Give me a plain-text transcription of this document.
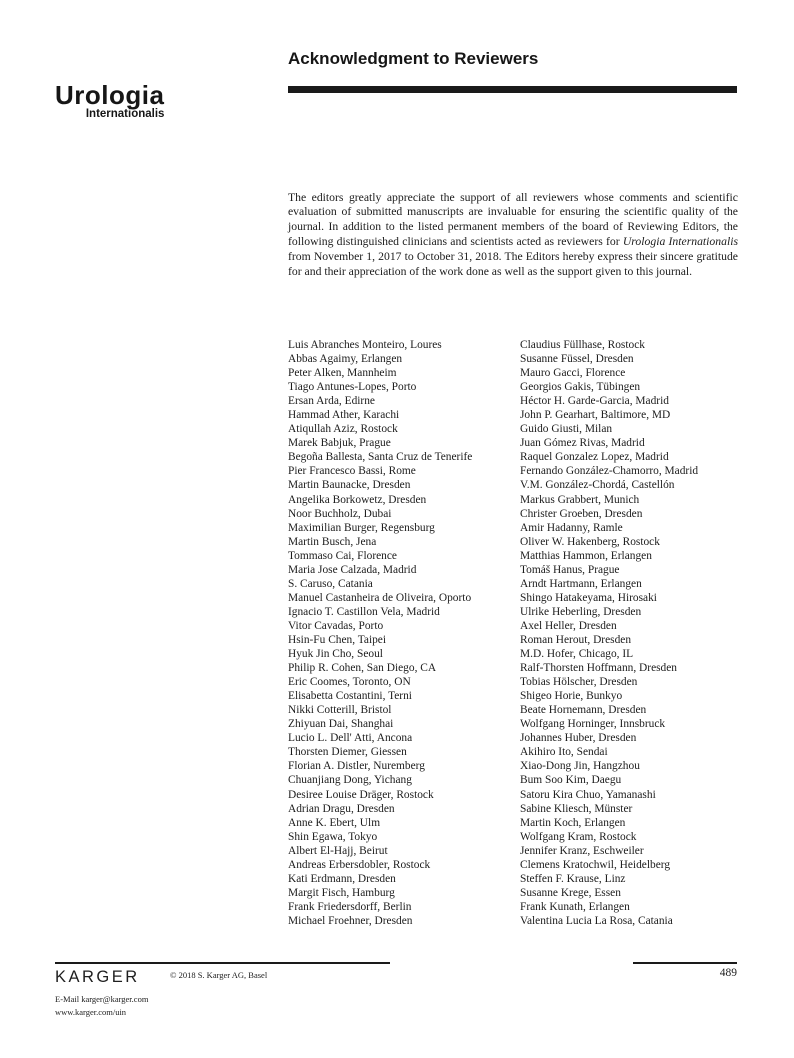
Urologia
Internationalis
Acknowledgment to Reviewers

The editors greatly appreciate the support of all reviewers whose comments and scientific evaluation of submitted manuscripts are invaluable for ensuring the scientific quality of the journal. In addition to the listed permanent members of the board of Reviewing Editors, the following distinguished clinicians and scientists acted as reviewers for Urologia Internationalis from November 1, 2017 to October 31, 2018. The Editors hereby express their sincere gratitude for and their appreciation of the work done as well as the support given to this journal.

Luis Abranches Monteiro, Loures
Abbas Agaimy, Erlangen
Peter Alken, Mannheim
Tiago Antunes-Lopes, Porto
Ersan Arda, Edirne
Hammad Ather, Karachi
Atiqullah Aziz, Rostock
Marek Babjuk, Prague
Begoña Ballesta, Santa Cruz de Tenerife
Pier Francesco Bassi, Rome
Martin Baunacke, Dresden
Angelika Borkowetz, Dresden
Noor Buchholz, Dubai
Maximilian Burger, Regensburg
Martin Busch, Jena
Tommaso Cai, Florence
Maria Jose Calzada, Madrid
S. Caruso, Catania
Manuel Castanheira de Oliveira, Oporto
Ignacio T. Castillon Vela, Madrid
Vitor Cavadas, Porto
Hsin-Fu Chen, Taipei
Hyuk Jin Cho, Seoul
Philip R. Cohen, San Diego, CA
Eric Coomes, Toronto, ON
Elisabetta Costantini, Terni
Nikki Cotterill, Bristol
Zhiyuan Dai, Shanghai
Lucio L. Dell' Atti, Ancona
Thorsten Diemer, Giessen
Florian A. Distler, Nuremberg
Chuanjiang Dong, Yichang
Desiree Louise Dräger, Rostock
Adrian Dragu, Dresden
Anne K. Ebert, Ulm
Shin Egawa, Tokyo
Albert El-Hajj, Beirut
Andreas Erbersdobler, Rostock
Kati Erdmann, Dresden
Margit Fisch, Hamburg
Frank Friedersdorff, Berlin
Michael Froehner, Dresden
Claudius Füllhase, Rostock
Susanne Füssel, Dresden
Mauro Gacci, Florence
Georgios Gakis, Tübingen
Héctor H. Garde-Garcia, Madrid
John P. Gearhart, Baltimore, MD
Guido Giusti, Milan
Juan Gómez Rivas, Madrid
Raquel Gonzalez Lopez, Madrid
Fernando González-Chamorro, Madrid
V.M. González-Chordá, Castellón
Markus Grabbert, Munich
Christer Groeben, Dresden
Amir Hadanny, Ramle
Oliver W. Hakenberg, Rostock
Matthias Hammon, Erlangen
Tomáš Hanus, Prague
Arndt Hartmann, Erlangen
Shingo Hatakeyama, Hirosaki
Ulrike Heberling, Dresden
Axel Heller, Dresden
Roman Herout, Dresden
M.D. Hofer, Chicago, IL
Ralf-Thorsten Hoffmann, Dresden
Tobias Hölscher, Dresden
Shigeo Horie, Bunkyo
Beate Hornemann, Dresden
Wolfgang Horninger, Innsbruck
Johannes Huber, Dresden
Akihiro Ito, Sendai
Xiao-Dong Jin, Hangzhou
Bum Soo Kim, Daegu
Satoru Kira Chuo, Yamanashi
Sabine Kliesch, Münster
Martin Koch, Erlangen
Wolfgang Kram, Rostock
Jennifer Kranz, Eschweiler
Clemens Kratochwil, Heidelberg
Steffen F. Krause, Linz
Susanne Krege, Essen
Frank Kunath, Erlangen
Valentina Lucia La Rosa, Catania
KARGER	© 2018 S. Karger AG, Basel	489
E-Mail karger@karger.com
www.karger.com/uin
